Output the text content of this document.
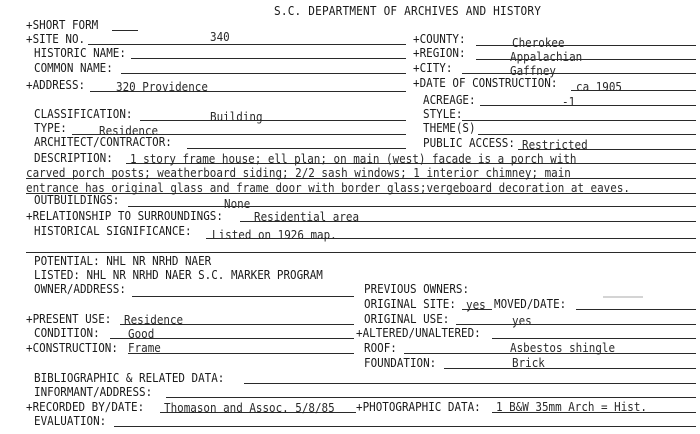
S.C. DEPARTMENT OF ARCHIVES AND HISTORY
+SHORT FORM
+SITE NO.	340	+COUNTY:	Cherokee
HISTORIC NAME:	+REGION:	Appalachian
COMMON NAME:	+CITY:	Gaffney
+ADDRESS: 320 Providence	+DATE OF CONSTRUCTION: ca 1905
ACREAGE:	-1
CLASSIFICATION:	Building	STYLE:
TYPE:	Residence	THEME(S)
ARCHITECT/CONTRACTOR:	PUBLIC ACCESS: Restricted
DESCRIPTION: 1 story frame house; ell plan; on main (west) facade is a porch with
carved porch posts; weatherboard siding; 2/2 sash windows; 1 interior chimney; main
entrance has original glass and frame door with border glass;vergeboard decoration at eaves.
OUTBUILDINGS:	None
+RELATIONSHIP TO SURROUNDINGS:	Residential area
HISTORICAL SIGNIFICANCE: Listed on 1926 map.
POTENTIAL: NHL NR NRHD NAER
LISTED: NHL NR NRHD NAER S.C. MARKER PROGRAM
OWNER/ADDRESS:	PREVIOUS OWNERS:
ORIGINAL SITE: yes MOVED/DATE:
+PRESENT USE: Residence	ORIGINAL USE:	yes
CONDITION: Good	+ALTERED/UNALTERED:
+CONSTRUCTION: Frame	ROOF:	Asbestos shingle
FOUNDATION:	Brick
BIBLIOGRAPHIC & RELATED DATA:
INFORMANT/ADDRESS:
+RECORDED BY/DATE: Thomason and Assoc. 5/8/85 +PHOTOGRAPHIC DATA: 1 B&W 35mm Arch = Hist.
EVALUATION:
